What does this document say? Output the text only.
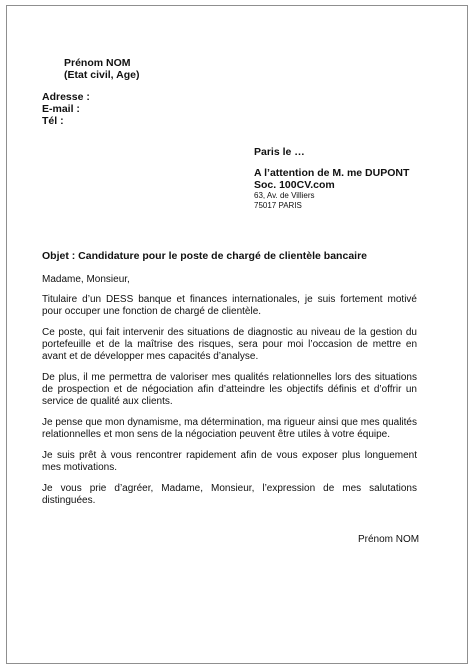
Prénom NOM
(Etat civil, Age)
Adresse :
E-mail :
Tél :
Paris le …
A l’attention de M. me DUPONT
Soc. 100CV.com
63, Av. de Villiers
75017 PARIS
Objet : Candidature pour le poste de chargé de clientèle bancaire
Madame, Monsieur,
Titulaire d’un DESS banque et finances internationales, je suis fortement motivé pour occuper une fonction de chargé de clientèle.
Ce poste, qui fait intervenir des situations de diagnostic au niveau de la gestion du portefeuille et de la maîtrise des risques, sera pour moi l’occasion de mettre en avant et de développer mes capacités d’analyse.
De plus, il me permettra de valoriser mes qualités relationnelles lors des situations de prospection et de négociation afin d’atteindre les objectifs définis et d’offrir un service de qualité aux clients.
Je pense que mon dynamisme, ma détermination, ma rigueur ainsi que mes qualités relationnelles et mon sens de la négociation peuvent être utiles à votre équipe.
Je suis prêt à vous rencontrer rapidement afin de vous exposer plus longuement mes motivations.
Je vous prie d’agréer, Madame, Monsieur, l’expression de mes salutations distinguées.
Prénom NOM
